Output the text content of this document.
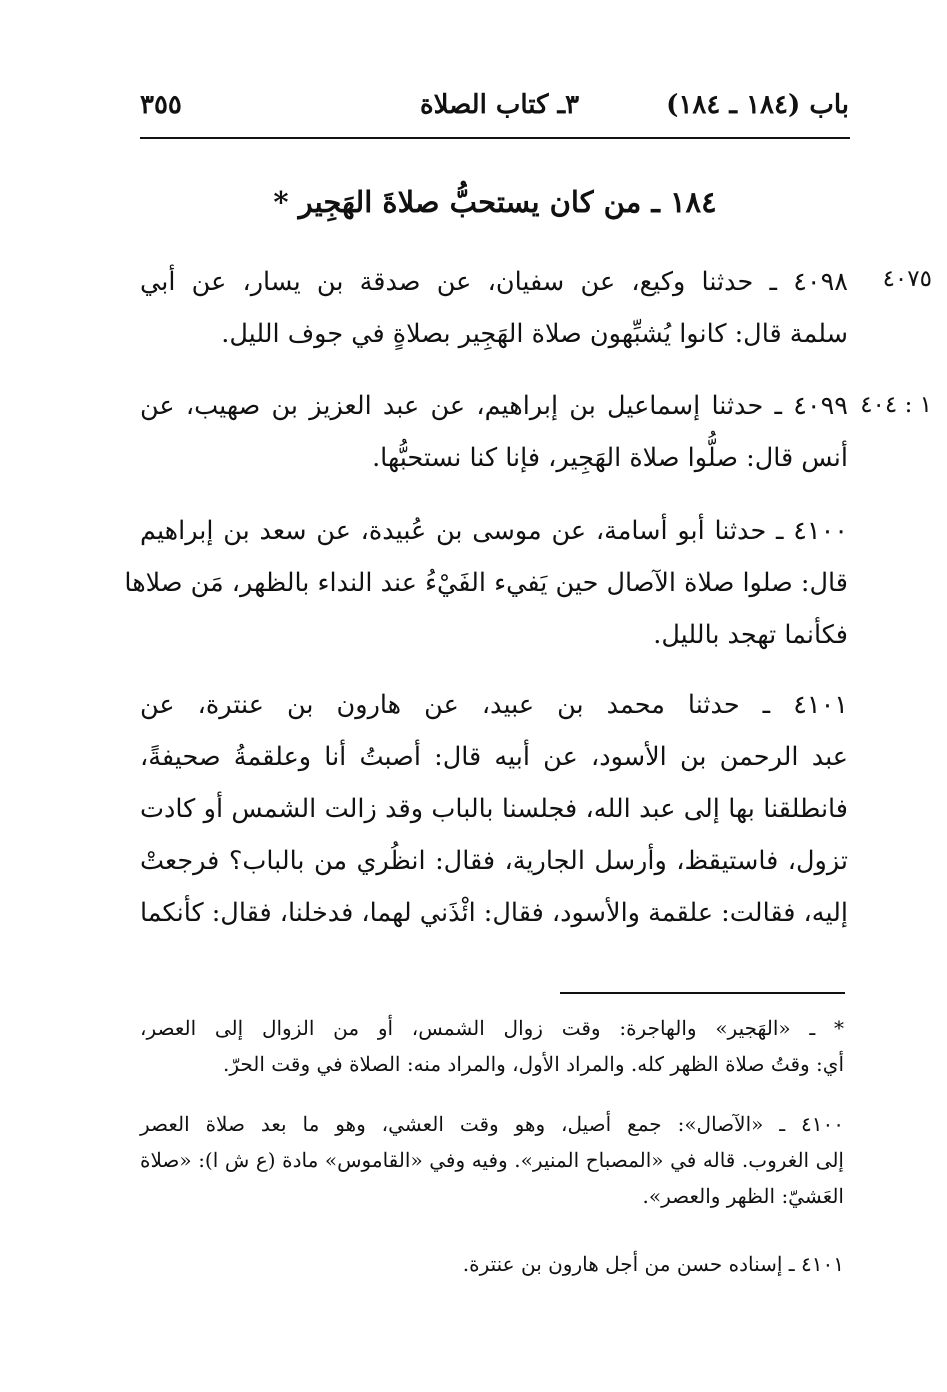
٣٥٥	٣ـ كتاب الصلاة	باب (١٨٤ ـ ١٨٤)
١٨٤ ـ من كان يستحبُّ صلاةَ الهَجِير *
٤٠٧٥
٤٠٩٨ ـ حدثنا وكيع، عن سفيان، عن صدقة بن يسار، عن أبي
سلمة قال: كانوا يُشبِّهون صلاة الهَجِير بصلاةٍ في جوف الليل.
١ : ٤٠٤
٤٠٩٩ ـ حدثنا إسماعيل بن إبراهيم، عن عبد العزيز بن صهيب، عن
أنس قال: صلُّوا صلاة الهَجِير، فإنا كنا نستحبُّها.
٤١٠٠ ـ حدثنا أبو أسامة، عن موسى بن عُبيدة، عن سعد بن إبراهيم
قال: صلوا صلاة الآصال حين يَفيء الفَيْءُ عند النداء بالظهر، مَن صلاها
فكأنما تهجد بالليل.
٤١٠١ ـ حدثنا محمد بن عبيد، عن هارون بن عنترة، عن
عبد الرحمن بن الأسود، عن أبيه قال: أصبتُ أنا وعلقمةُ صحيفةً،
فانطلقنا بها إلى عبد الله، فجلسنا بالباب وقد زالت الشمس أو كادت
تزول، فاستيقظ، وأرسل الجارية، فقال: انظُري من بالباب؟ فرجعتْ
إليه، فقالت: علقمة والأسود، فقال: ائْذَني لهما، فدخلنا، فقال: كأنكما
* ـ «الهَجير» والهاجرة: وقت زوال الشمس، أو من الزوال إلى العصر،
أي: وقتُ صلاة الظهر كله. والمراد الأول، والمراد منه: الصلاة في وقت الحرّ.
٤١٠٠ ـ «الآصال»: جمع أصيل، وهو وقت العشي، وهو ما بعد صلاة العصر
إلى الغروب. قاله في «المصباح المنير». وفيه وفي «القاموس» مادة (ع ش ا): «صلاة
العَشيّ: الظهر والعصر».
٤١٠١ ـ إسناده حسن من أجل هارون بن عنترة.
